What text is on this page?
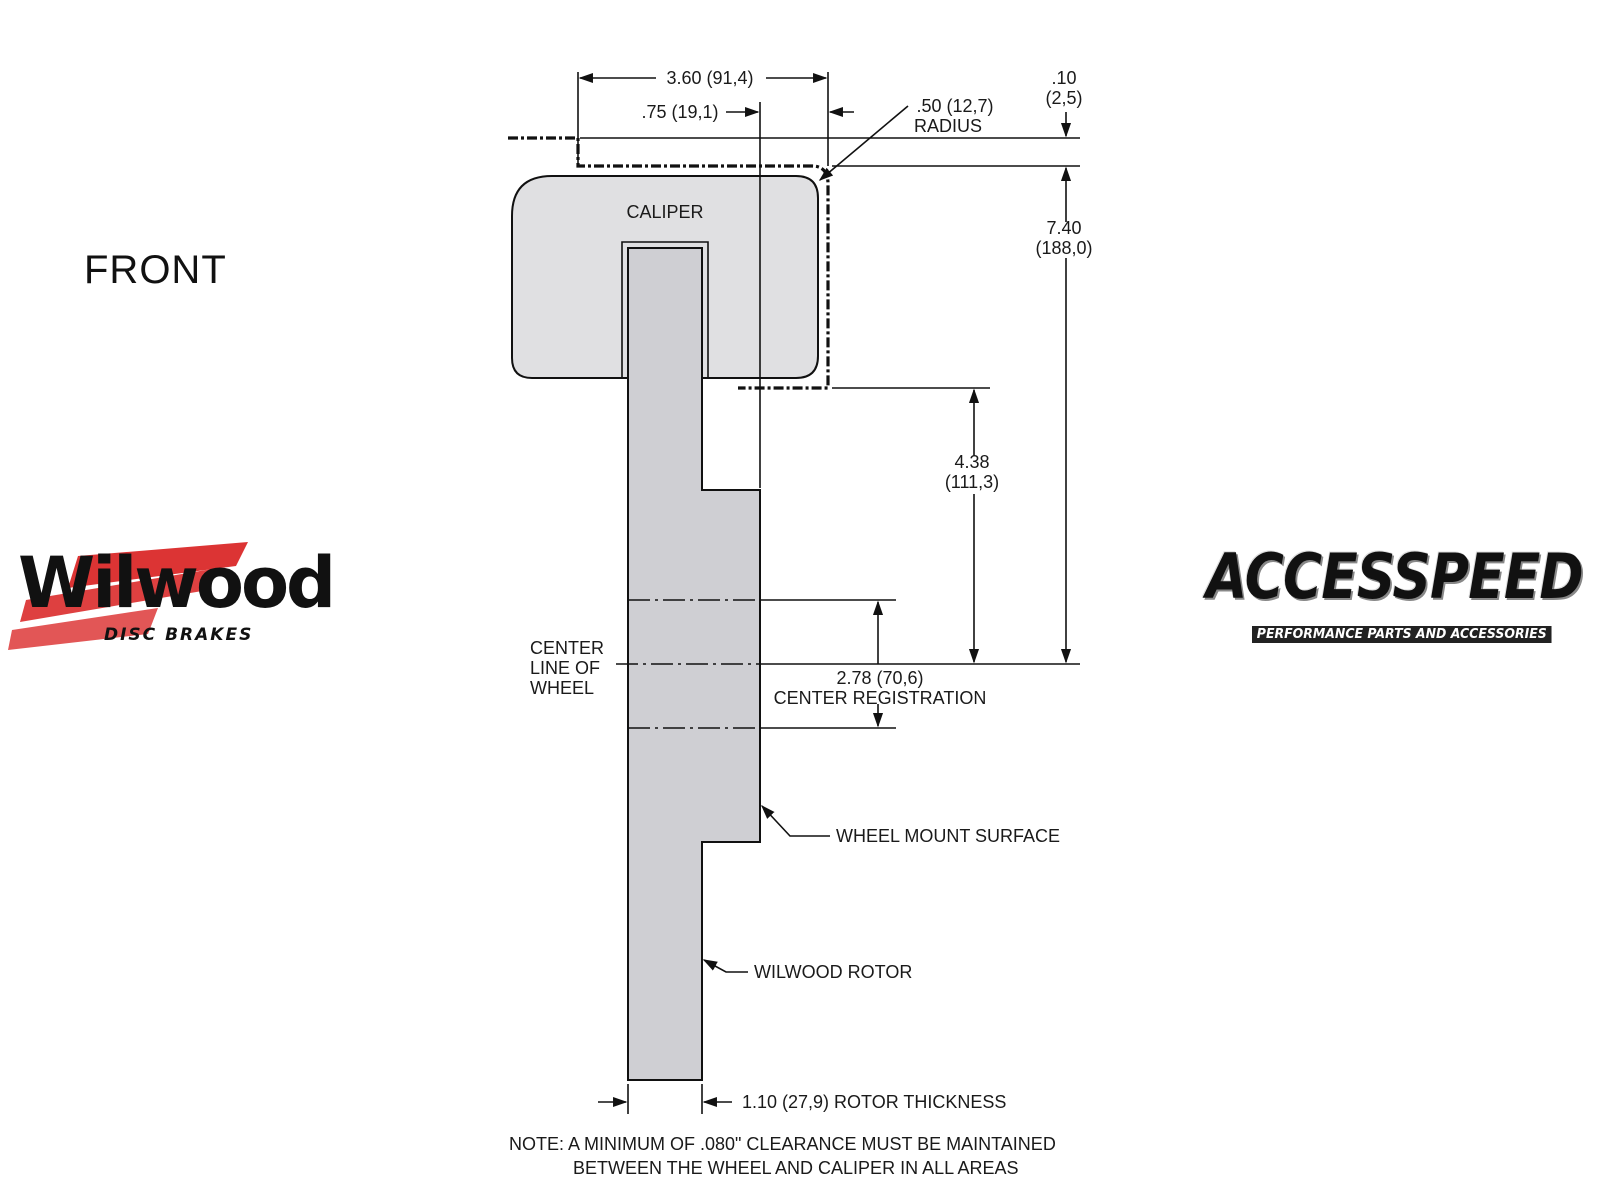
FRONT
Wilwood
DISC BRAKES
ACCESSPEED
PERFORMANCE PARTS AND ACCESSORIES
CALIPER
3.60 (91,4)
.75 (19,1)	.50 (12,7)
RADIUS
.10
(2,5)
7.40
(188,0)
4.38
(111,3)
2.78 (70,6)
CENTER REGISTRATION
CENTER
LINE OF
WHEEL
WHEEL MOUNT SURFACE
WILWOOD ROTOR
1.10 (27,9) ROTOR THICKNESS
NOTE: A MINIMUM OF .080" CLEARANCE MUST BE MAINTAINED
BETWEEN THE WHEEL AND CALIPER IN ALL AREAS
